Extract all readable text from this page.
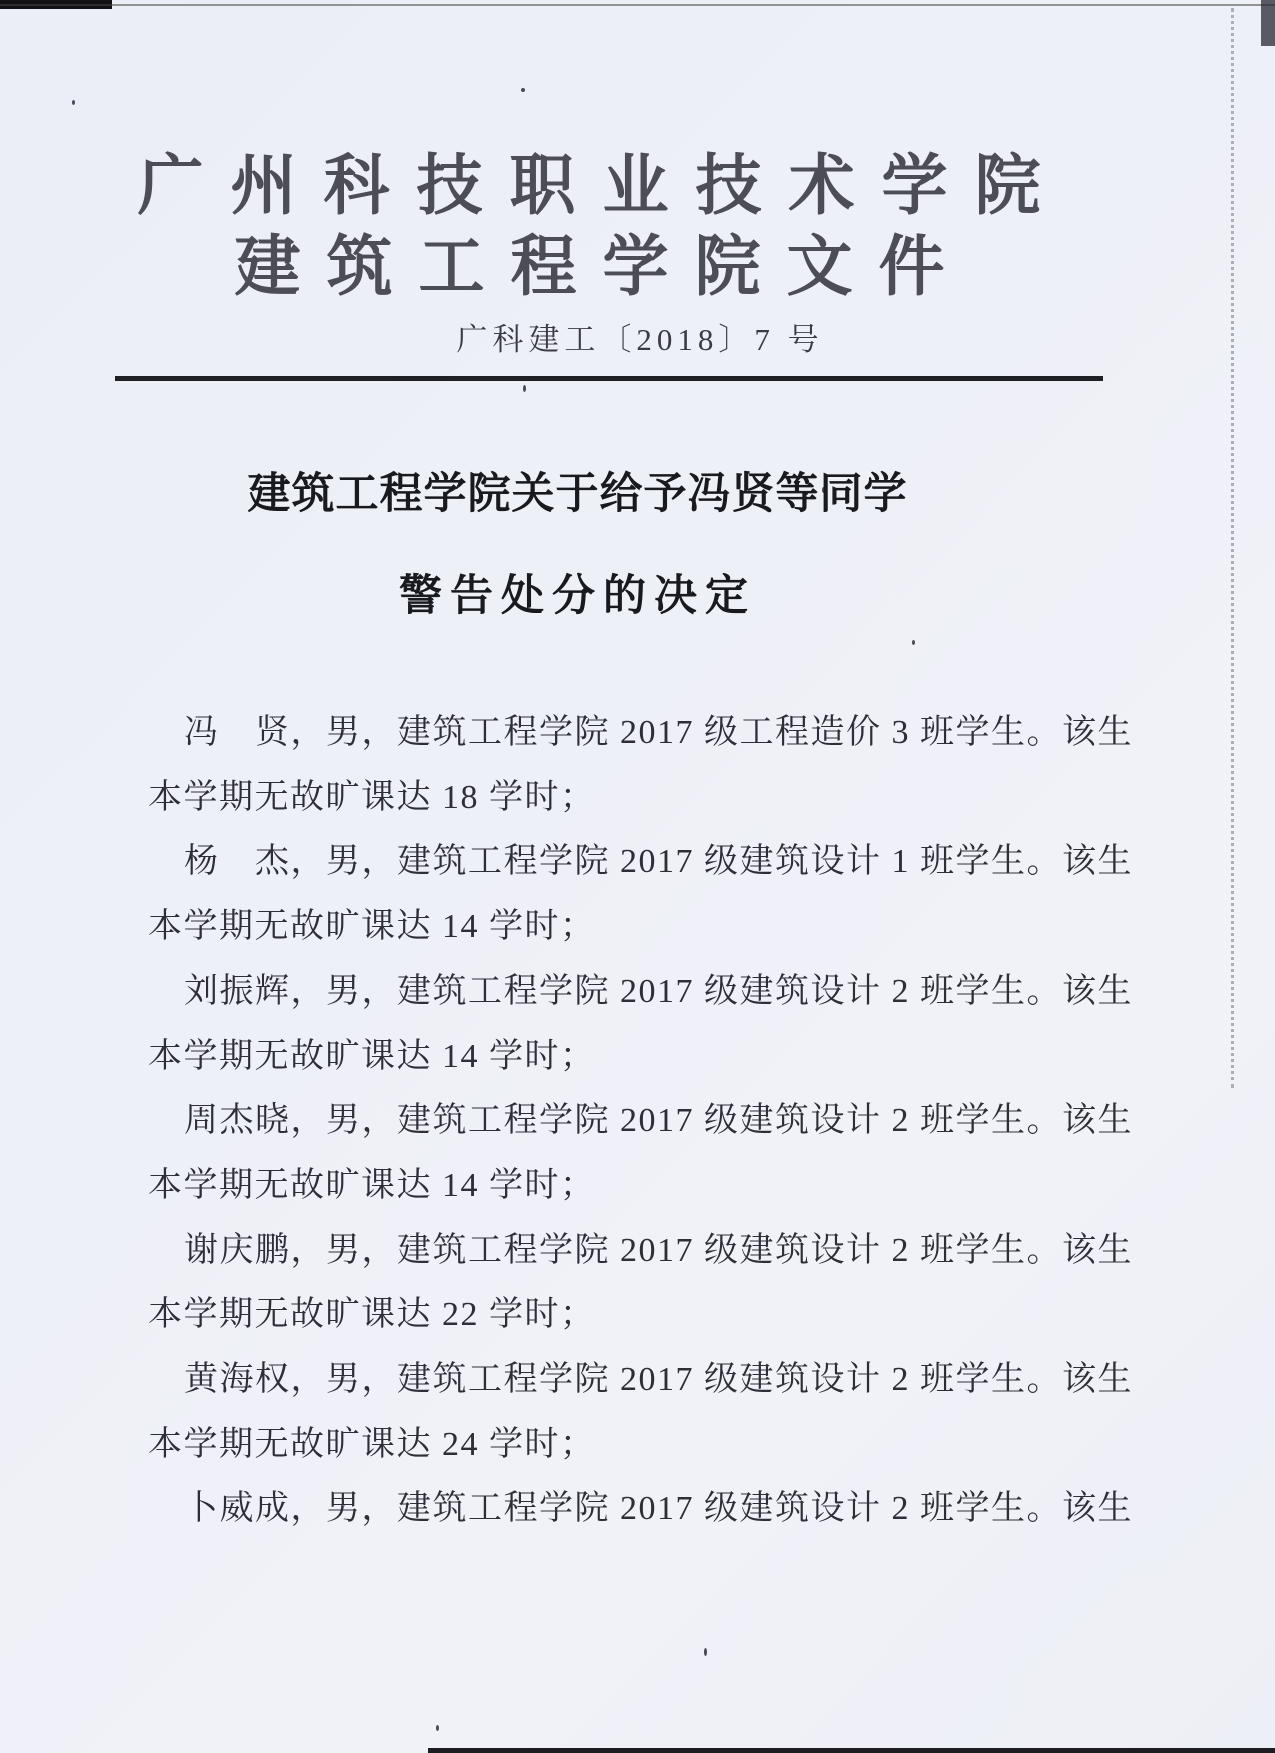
广州科技职业技术学院
建筑工程学院文件
广科建工〔2018〕7 号
建筑工程学院关于给予冯贤等同学
警告处分的决定
冯　贤，男，建筑工程学院 2017 级工程造价 3 班学生。该生
本学期无故旷课达 18 学时；
杨　杰，男，建筑工程学院 2017 级建筑设计 1 班学生。该生
本学期无故旷课达 14 学时；
刘振辉，男，建筑工程学院 2017 级建筑设计 2 班学生。该生
本学期无故旷课达 14 学时；
周杰晓，男，建筑工程学院 2017 级建筑设计 2 班学生。该生
本学期无故旷课达 14 学时；
谢庆鹏，男，建筑工程学院 2017 级建筑设计 2 班学生。该生
本学期无故旷课达 22 学时；
黄海权，男，建筑工程学院 2017 级建筑设计 2 班学生。该生
本学期无故旷课达 24 学时；
卜威成，男，建筑工程学院 2017 级建筑设计 2 班学生。该生
